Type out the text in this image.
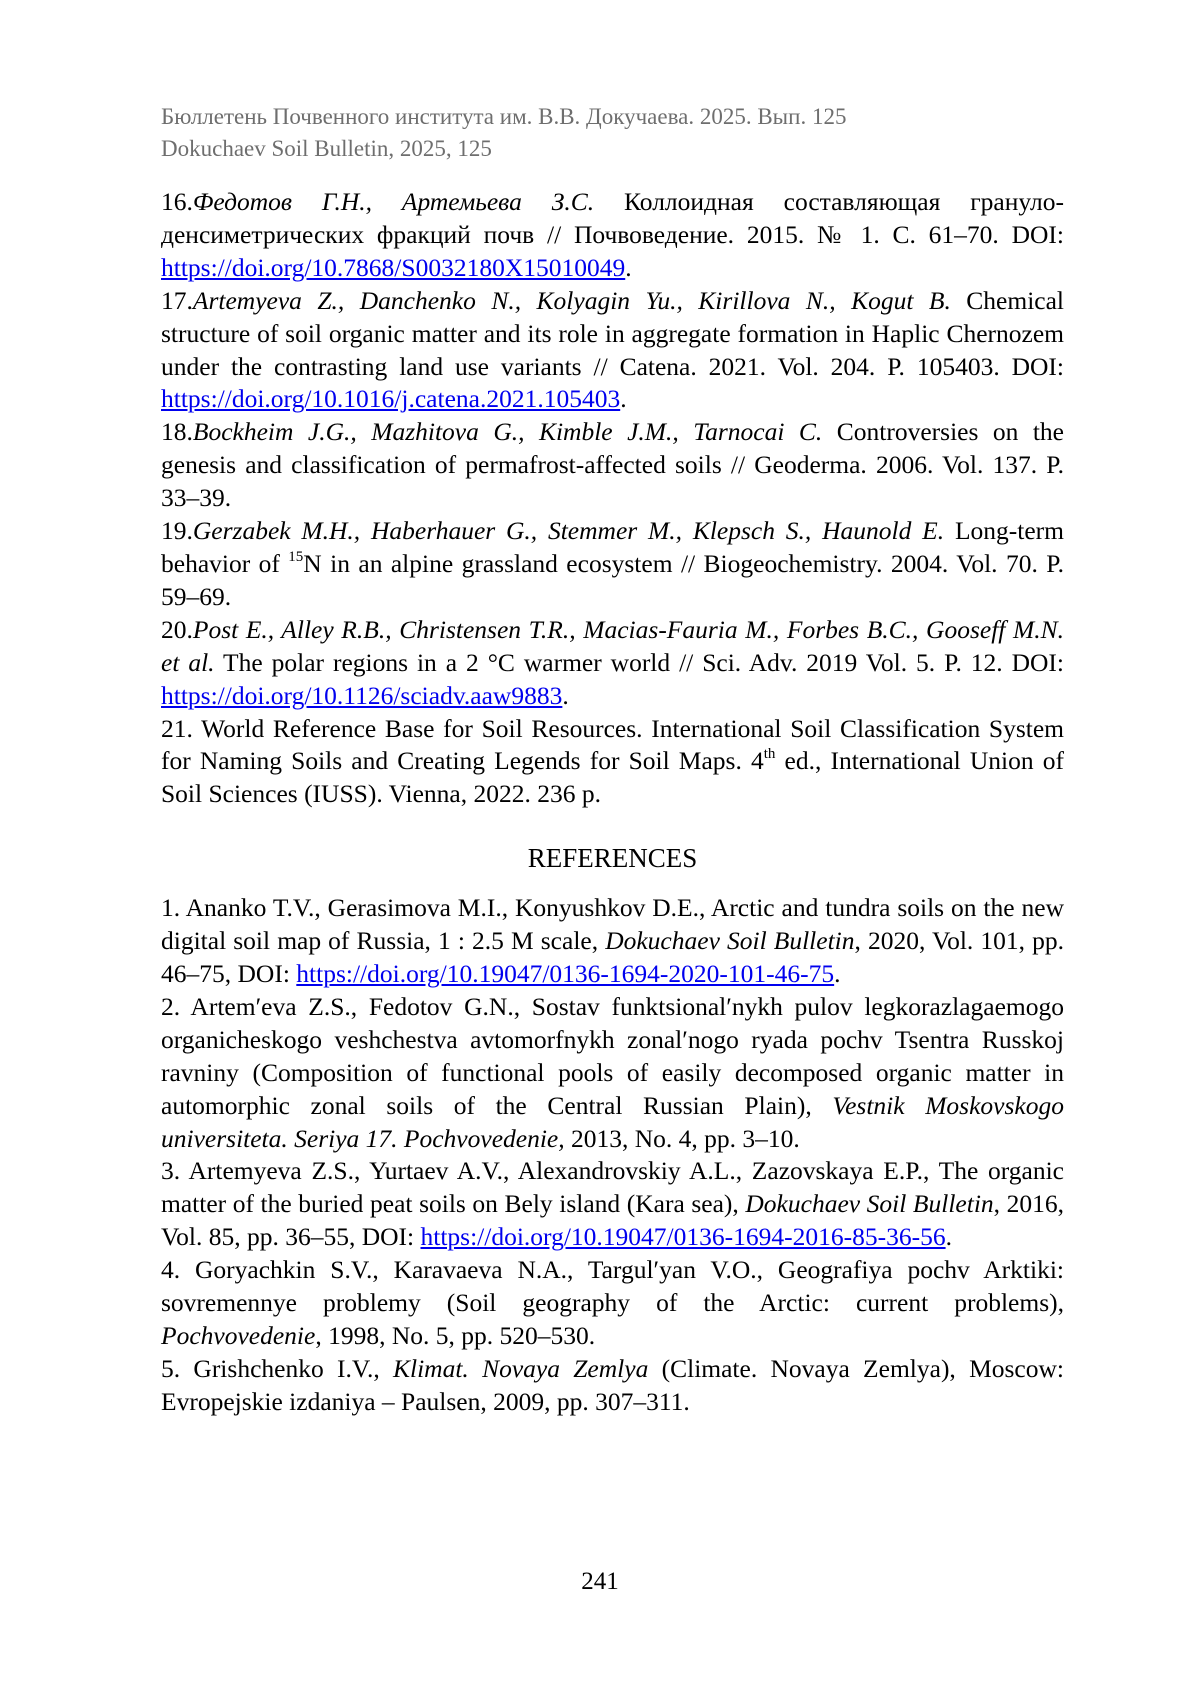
Бюллетень Почвенного института им. В.В. Докучаева. 2025. Вып. 125
Dokuchaev Soil Bulletin, 2025, 125

16.Федотов Г.Н., Артемьева З.С. Коллоидная составляющая грануло-денсиметрических фракций почв // Почвоведение. 2015. № 1. С. 61–70. DOI: https://doi.org/10.7868/S0032180X15010049.

17.Artemyeva Z., Danchenko N., Kolyagin Yu., Kirillova N., Kogut B. Chemical structure of soil organic matter and its role in aggregate formation in Haplic Chernozem under the contrasting land use variants // Catena. 2021. Vol. 204. P. 105403. DOI: https://doi.org/10.1016/j.catena.2021.105403.

18.Bockheim J.G., Mazhitova G., Kimble J.M., Tarnocai C. Controversies on the genesis and classification of permafrost-affected soils // Geoderma. 2006. Vol. 137. P. 33–39.

19.Gerzabek M.H., Haberhauer G., Stemmer M., Klepsch S., Haunold E. Long-term behavior of $^{15}$N in an alpine grassland ecosystem // Biogeochemistry. 2004. Vol. 70. P. 59–69.

20.Post E., Alley R.B., Christensen T.R., Macias-Fauria M., Forbes B.C., Gooseff M.N. et al. The polar regions in a 2 °C warmer world // Sci. Adv. 2019 Vol. 5. P. 12. DOI: https://doi.org/10.1126/sciadv.aaw9883.

21. World Reference Base for Soil Resources. International Soil Classification System for Naming Soils and Creating Legends for Soil Maps. 4th ed., International Union of Soil Sciences (IUSS). Vienna, 2022. 236 p.

REFERENCES

1. Ananko T.V., Gerasimova M.I., Konyushkov D.E., Arctic and tundra soils on the new digital soil map of Russia, 1 : 2.5 M scale, Dokuchaev Soil Bulletin, 2020, Vol. 101, pp. 46–75, DOI: https://doi.org/10.19047/0136-1694-2020-101-46-75.

2. Artem′eva Z.S., Fedotov G.N., Sostav funktsional′nykh pulov legkorazlagaemogo organicheskogo veshchestva avtomorfnykh zonal′nogo ryada pochv Tsentra Russkoj ravniny (Composition of functional pools of easily decomposed organic matter in automorphic zonal soils of the Central Russian Plain), Vestnik Moskovskogo universiteta. Seriya 17. Pochvovedenie, 2013, No. 4, pp. 3–10.

3. Artemyeva Z.S., Yurtaev A.V., Alexandrovskiy A.L., Zazovskaya E.P., The organic matter of the buried peat soils on Bely island (Kara sea), Dokuchaev Soil Bulletin, 2016, Vol. 85, pp. 36–55, DOI: https://doi.org/10.19047/0136-1694-2016-85-36-56.

4. Goryachkin S.V., Karavaeva N.A., Targul′yan V.O., Geografiya pochv Arktiki: sovremennye problemy (Soil geography of the Arctic: current problems), Pochvovedenie, 1998, No. 5, pp. 520–530.

5. Grishchenko I.V., Klimat. Novaya Zemlya (Climate. Novaya Zemlya), Moscow: Evropejskie izdaniya – Paulsen, 2009, pp. 307–311.

241
